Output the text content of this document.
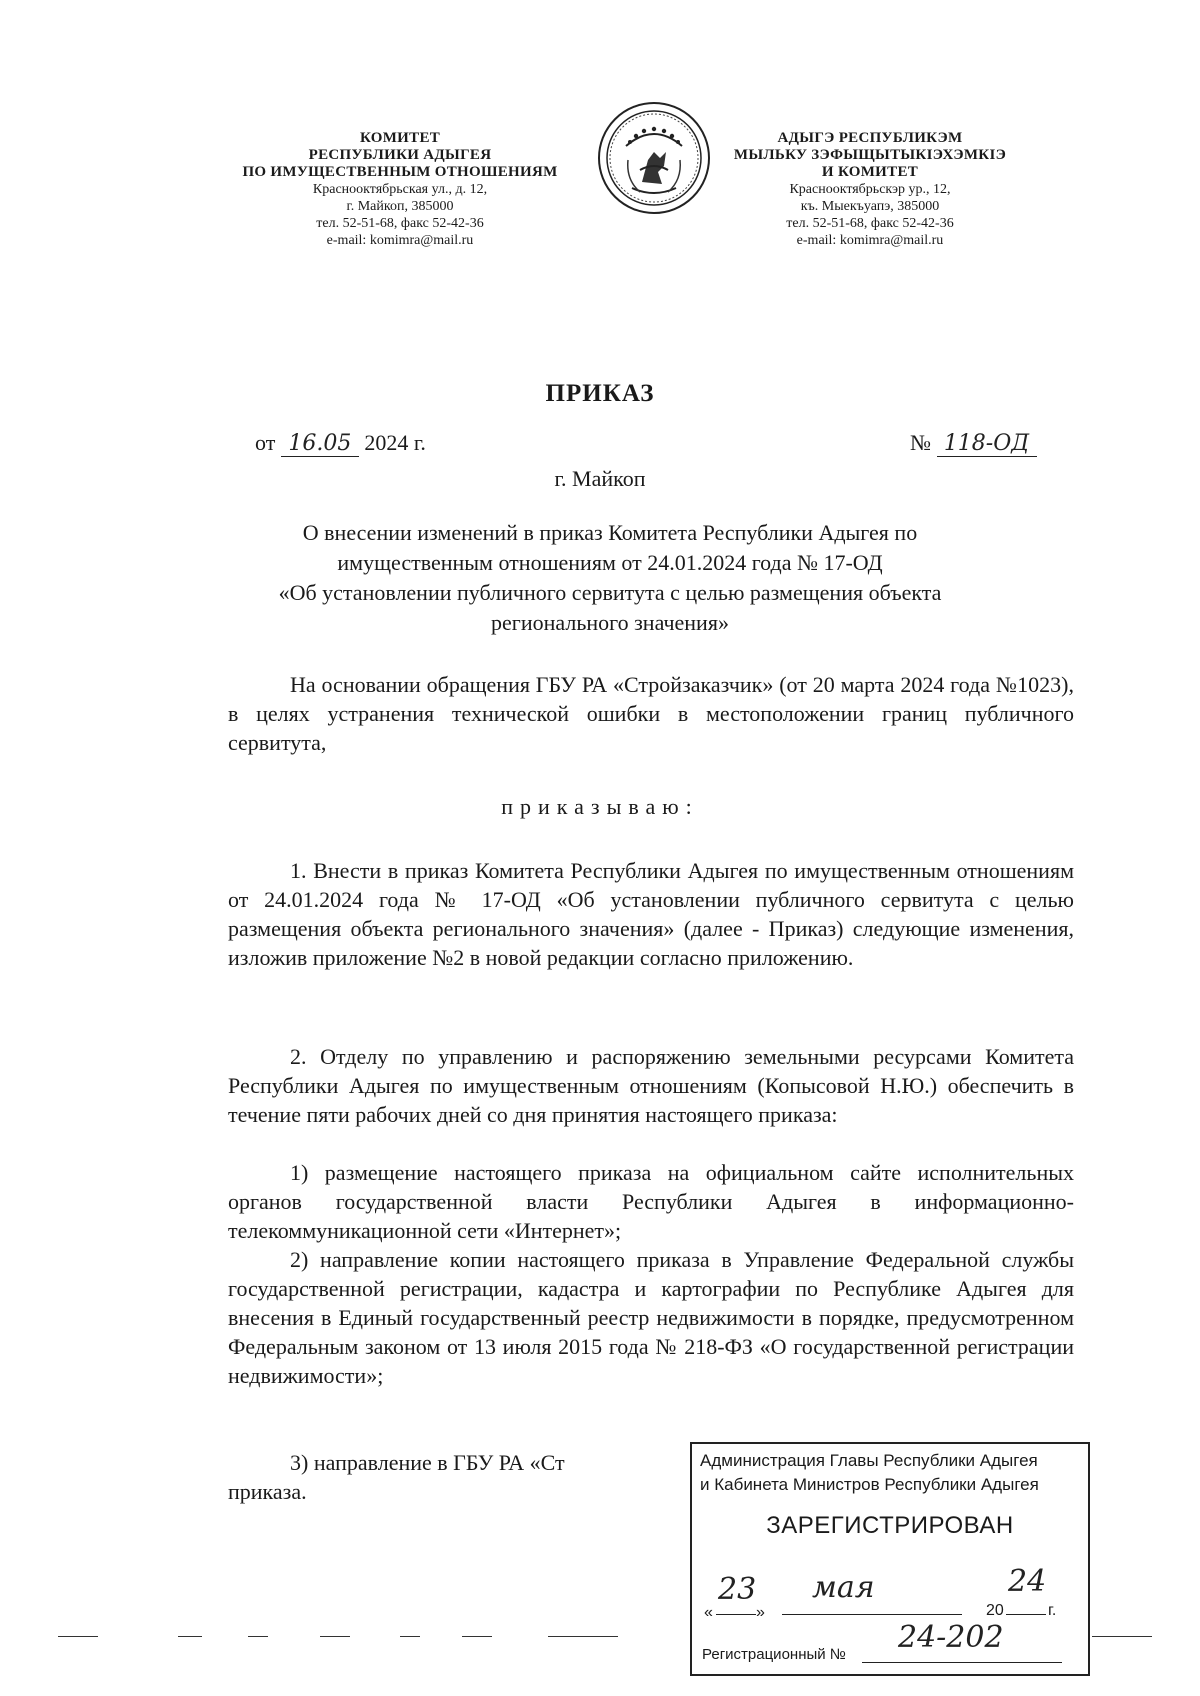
КОМИТЕТ
РЕСПУБЛИКИ АДЫГЕЯ
ПО ИМУЩЕСТВЕННЫМ ОТНОШЕНИЯМ
Краснооктябрьская ул., д. 12,
г. Майкоп, 385000
тел. 52-51-68, факс 52-42-36
e-mail: komimra@mail.ru
АДЫГЭ РЕСПУБЛИКЭМ
МЫЛЬКУ ЗЭФЫЩЫТЫКIЭХЭМКIЭ
И КОМИТЕТ
Краснооктябрьскэр ур., 12,
къ. Мыекъуапэ, 385000
тел. 52-51-68, факс 52-42-36
e-mail: komimra@mail.ru
ПРИКАЗ
от 16.05 2024 г.	№ 118-ОД
г. Майкоп
О внесении изменений в приказ Комитета Республики Адыгея по
имущественным отношениям от 24.01.2024 года № 17-ОД
«Об установлении публичного сервитута с целью размещения объекта
регионального значения»
На основании обращения ГБУ РА «Стройзаказчик» (от 20 марта 2024 года №1023), в целях устранения технической ошибки в местоположении границ публичного сервитута,
приказываю:
1. Внести в приказ Комитета Республики Адыгея по имущественным отношениям от 24.01.2024 года № 17-ОД «Об установлении публичного сервитута с целью размещения объекта регионального значения» (далее - Приказ) следующие изменения, изложив приложение №2 в новой редакции согласно приложению.
2. Отделу по управлению и распоряжению земельными ресурсами Комитета Республики Адыгея по имущественным отношениям (Копысовой Н.Ю.) обеспечить в течение пяти рабочих дней со дня принятия настоящего приказа:
1) размещение настоящего приказа на официальном сайте исполнительных органов государственной власти Республики Адыгея в информационно-телекоммуникационной сети «Интернет»;
2) направление копии настоящего приказа в Управление Федеральной службы государственной регистрации, кадастра и картографии по Республике Адыгея для внесения в Единый государственный реестр недвижимости в порядке, предусмотренном Федеральным законом от 13 июля 2015 года № 218-ФЗ «О государственной регистрации недвижимости»;
3) направление в ГБУ РА «Ст
приказа.
Администрация Главы Республики Адыгея
и Кабинета Министров Республики Адыгея
ЗАРЕГИСТРИРОВАН
«
23
»
мая
20
24
г.
Регистрационный № 24-202
